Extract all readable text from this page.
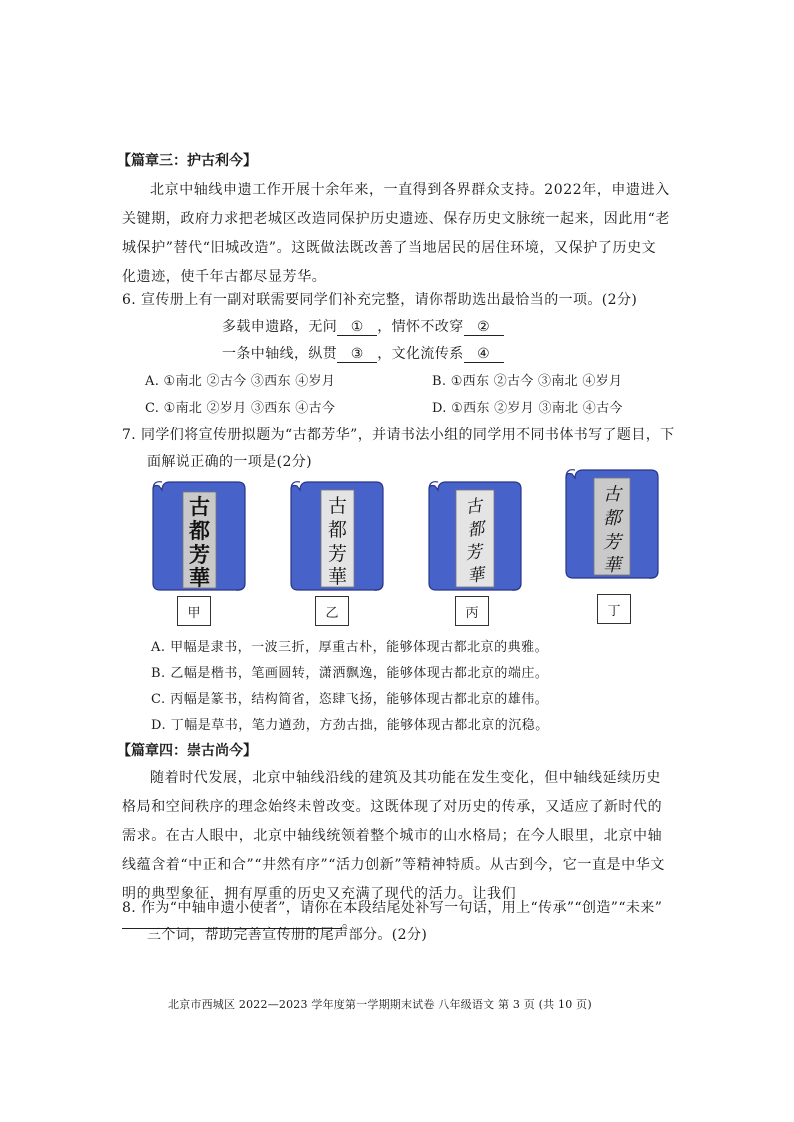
【篇章三：护古利今】
北京中轴线申遗工作开展十余年来，一直得到各界群众支持。2022年，申遗进入关键期，政府力求把老城区改造同保护历史遗迹、保存历史文脉统一起来，因此用“老城保护”替代“旧城改造”。这既做法既改善了当地居民的居住环境，又保护了历史文化遗迹，使千年古都尽显芳华。
6. 宣传册上有一副对联需要同学们补充完整，请你帮助选出最恰当的一项。(2分)
多载申遗路，无问 ① ，情怀不改穿 ②
一条中轴线，纵贯 ③ ，文化流传系 ④
A. ①南北 ②古今 ③西东 ④岁月	B. ①西东 ②古今 ③南北 ④岁月
C. ①南北 ②岁月 ③西东 ④古今	D. ①西东 ②岁月 ③南北 ④古今
7. 同学们将宣传册拟题为“古都芳华”，并请书法小组的同学用不同书体书写了题目，下
面解说正确的一项是(2分)
古
都
芳
華
甲
古
都
芳
華
乙
古
都
芳
華
丙
古
都
芳
華
丁
A. 甲幅是隶书，一波三折，厚重古朴，能够体现古都北京的典雅。
B. 乙幅是楷书，笔画圆转，潇洒飘逸，能够体现古都北京的端庄。
C. 丙幅是篆书，结构简省，恣肆飞扬，能够体现古都北京的雄伟。
D. 丁幅是草书，笔力遒劲，方劲古拙，能够体现古都北京的沉稳。
【篇章四：崇古尚今】
随着时代发展，北京中轴线沿线的建筑及其功能在发生变化，但中轴线延续历史格局和空间秩序的理念始终未曾改变。这既体现了对历史的传承，又适应了新时代的需求。在古人眼中，北京中轴线统领着整个城市的山水格局；在今人眼里，北京中轴线蕴含着“中正和合”“井然有序”“活力创新”等精神特质。从古到今，它一直是中华文明的典型象征，拥有厚重的历史又充满了现代的活力。让我们。
8. 作为“中轴申遗小使者”，请你在本段结尾处补写一句话，用上“传承”“创造”“未来”
三个词，帮助完善宣传册的尾声部分。(2分)
北京市西城区 2022—2023 学年度第一学期期末试卷 八年级语文 第 3 页 (共 10 页)
